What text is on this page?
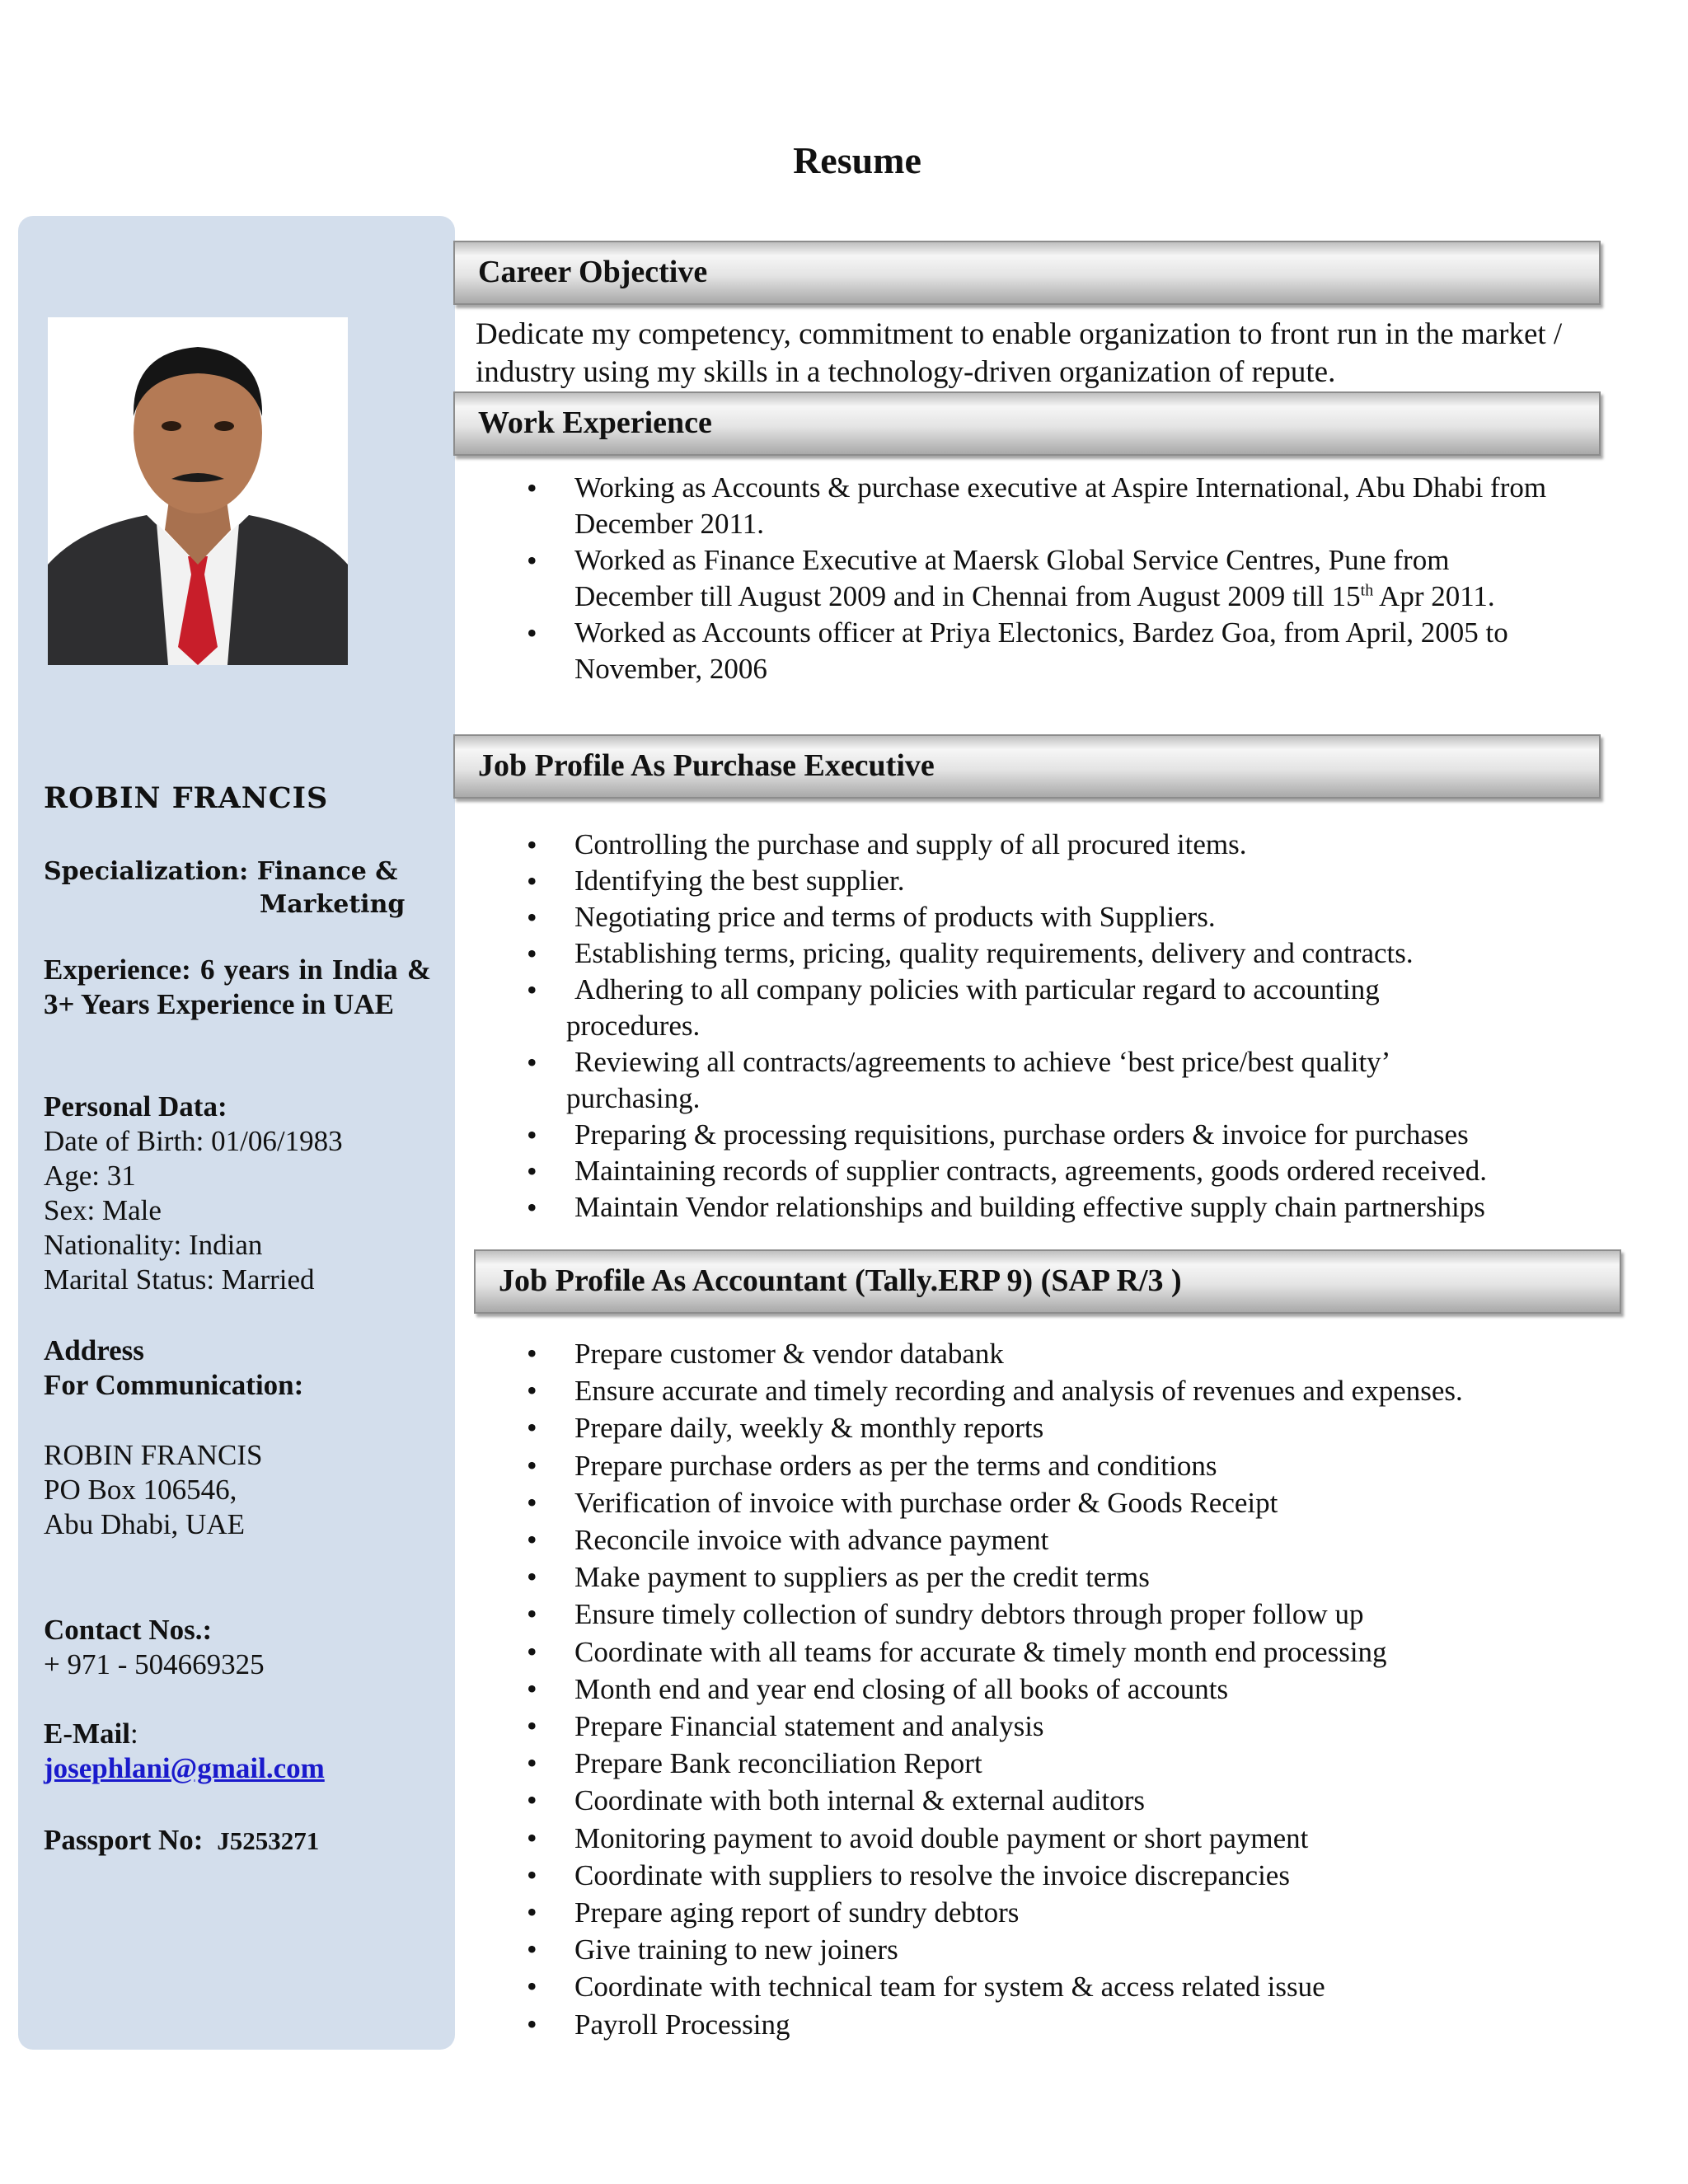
Resume
ROBIN FRANCIS
Specialization: Finance &
Marketing
Experience: 6 years in India & 3+ Years Experience in UAE
Personal Data:
Date of Birth: 01/06/1983
Age: 31
Sex: Male
Nationality: Indian
Marital Status: Married
Address
For Communication:
ROBIN FRANCIS
PO Box 106546,
Abu Dhabi, UAE
Contact Nos.:
+ 971 - 504669325
E-Mail:
josephlani@gmail.com
Passport No: J5253271
Career Objective
Dedicate my competency, commitment to enable organization to front run in the market / industry using my skills in a technology-driven organization of repute.
Work Experience
• Working as Accounts & purchase executive at Aspire International, Abu Dhabi from December 2011.
• Worked as Finance Executive at Maersk Global Service Centres, Pune from December till August 2009 and in Chennai from August 2009 till 15th Apr 2011.
• Worked as Accounts officer at Priya Electonics, Bardez Goa, from April, 2005 to November, 2006
Job Profile As Purchase Executive
• Controlling the purchase and supply of all procured items.
• Identifying the best supplier.
• Negotiating price and terms of products with Suppliers.
• Establishing terms, pricing, quality requirements, delivery and contracts.
• Adhering to all company policies with particular regard to accounting
procedures.
• Reviewing all contracts/agreements to achieve ‘best price/best quality’
purchasing.
• Preparing & processing requisitions, purchase orders & invoice for purchases
• Maintaining records of supplier contracts, agreements, goods ordered received.
• Maintain Vendor relationships and building effective supply chain partnerships
Job Profile As Accountant (Tally.ERP 9) (SAP R/3 )
• Prepare customer & vendor databank
• Ensure accurate and timely recording and analysis of revenues and expenses.
• Prepare daily, weekly & monthly reports
• Prepare purchase orders as per the terms and conditions
• Verification of invoice with purchase order & Goods Receipt
• Reconcile invoice with advance payment
• Make payment to suppliers as per the credit terms
• Ensure timely collection of sundry debtors through proper follow up
• Coordinate with all teams for accurate & timely month end processing
• Month end and year end closing of all books of accounts
• Prepare Financial statement and analysis
• Prepare Bank reconciliation Report
• Coordinate with both internal & external auditors
• Monitoring payment to avoid double payment or short payment
• Coordinate with suppliers to resolve the invoice discrepancies
• Prepare aging report of sundry debtors
• Give training to new joiners
• Coordinate with technical team for system & access related issue
• Payroll Processing
